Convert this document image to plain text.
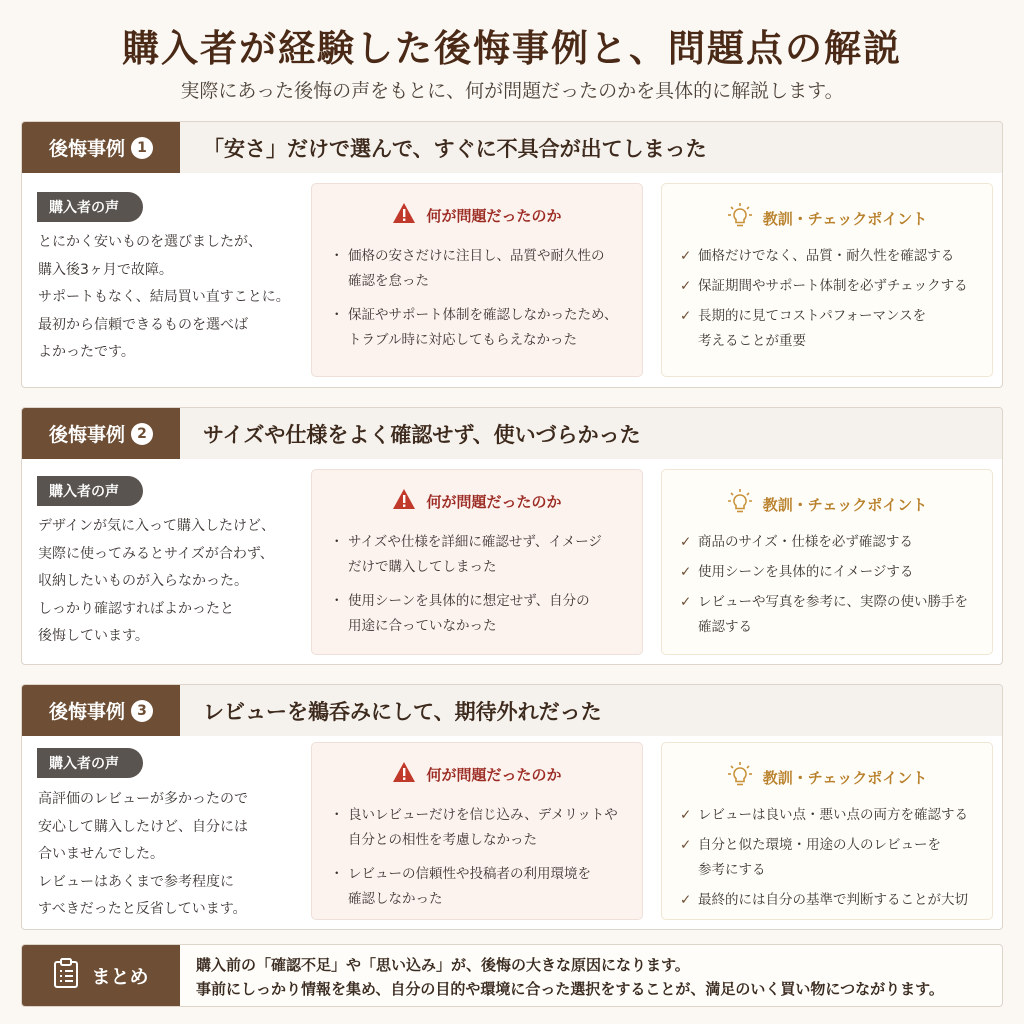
購入者が経験した後悔事例と、問題点の解説
実際にあった後悔の声をもとに、何が問題だったのかを具体的に解説します。
後悔事例 1	「安さ」だけで選んで、すぐに不具合が出てしまった
購入者の声
とにかく安いものを選びましたが、
購入後3ヶ月で故障。
サポートもなく、結局買い直すことに。
最初から信頼できるものを選べば
よかったです。
何が問題だったのか
・ 価格の安さだけに注目し、品質や耐久性の
確認を怠った
・ 保証やサポート体制を確認しなかったため、
トラブル時に対応してもらえなかった
教訓・チェックポイント
✓ 価格だけでなく、品質・耐久性を確認する
✓ 保証期間やサポート体制を必ずチェックする
✓ 長期的に見てコストパフォーマンスを
考えることが重要
後悔事例 2	サイズや仕様をよく確認せず、使いづらかった
購入者の声
デザインが気に入って購入したけど、
実際に使ってみるとサイズが合わず、
収納したいものが入らなかった。
しっかり確認すればよかったと
後悔しています。
何が問題だったのか
・ サイズや仕様を詳細に確認せず、イメージ
だけで購入してしまった
・ 使用シーンを具体的に想定せず、自分の
用途に合っていなかった
教訓・チェックポイント
✓ 商品のサイズ・仕様を必ず確認する
✓ 使用シーンを具体的にイメージする
✓ レビューや写真を参考に、実際の使い勝手を
確認する
後悔事例 3	レビューを鵜呑みにして、期待外れだった
購入者の声
高評価のレビューが多かったので
安心して購入したけど、自分には
合いませんでした。
レビューはあくまで参考程度に
すべきだったと反省しています。
何が問題だったのか
・ 良いレビューだけを信じ込み、デメリットや
自分との相性を考慮しなかった
・ レビューの信頼性や投稿者の利用環境を
確認しなかった
教訓・チェックポイント
✓ レビューは良い点・悪い点の両方を確認する
✓ 自分と似た環境・用途の人のレビューを
参考にする
✓ 最終的には自分の基準で判断することが大切
まとめ
購入前の「確認不足」や「思い込み」が、後悔の大きな原因になります。
事前にしっかり情報を集め、自分の目的や環境に合った選択をすることが、満足のいく買い物につながります。
